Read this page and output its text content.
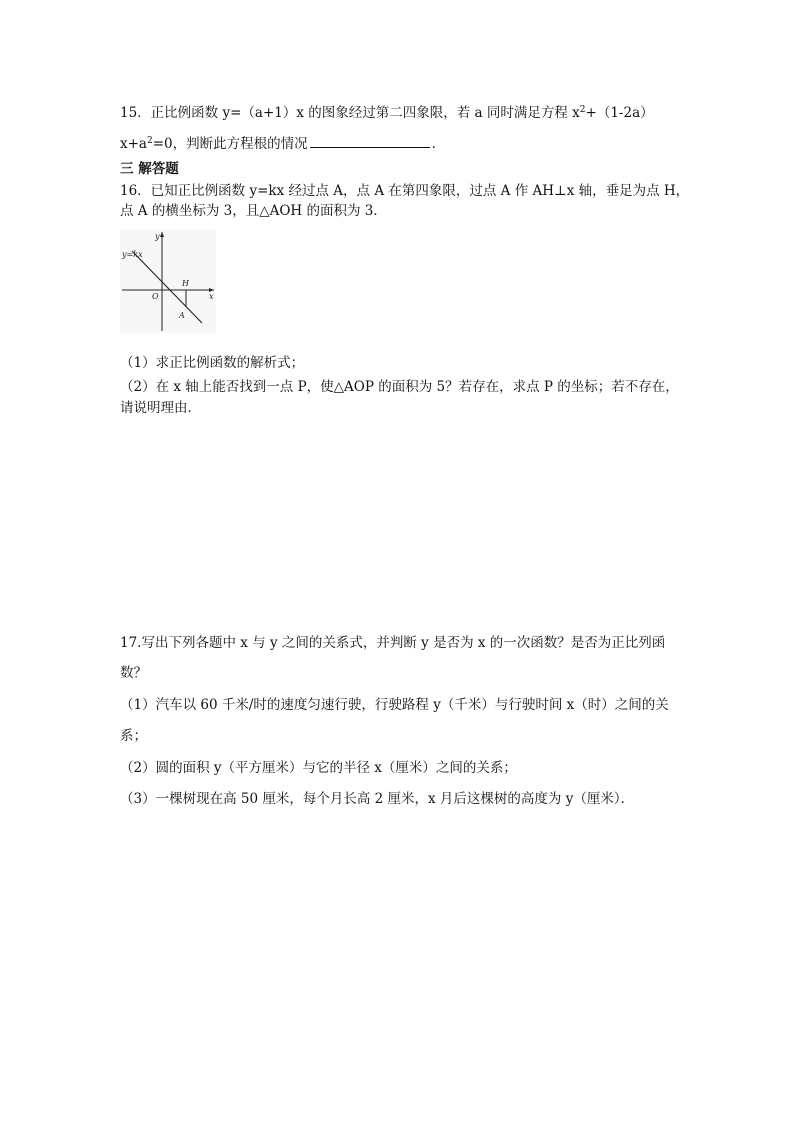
15．正比例函数 y=（a+1）x 的图象经过第二四象限，若 a 同时满足方程 $x^2+(1-2a)$
$x+a^2=0$，判断此方程根的情况	．
三 解答题
16．已知正比例函数 y=kx 经过点 A，点 A 在第四象限，过点 A 作 AH⊥x 轴，垂足为点 H，
点 A 的横坐标为 3，且△AOH 的面积为 3．
y
x
y=kx
O
H
A
（1）求正比例函数的解析式；
（2）在 x 轴上能否找到一点 P，使△AOP 的面积为 5？若存在，求点 P 的坐标；若不存在，
请说明理由．
17.写出下列各题中 x 与 y 之间的关系式，并判断 y 是否为 x 的一次函数？是否为正比列函
数？
（1）汽车以 60 千米/时的速度匀速行驶，行驶路程 y（千米）与行驶时间 x（时）之间的关
系；
（2）圆的面积 y（平方厘米）与它的半径 x（厘米）之间的关系；
（3）一棵树现在高 50 厘米，每个月长高 2 厘米，x 月后这棵树的高度为 y（厘米）．
